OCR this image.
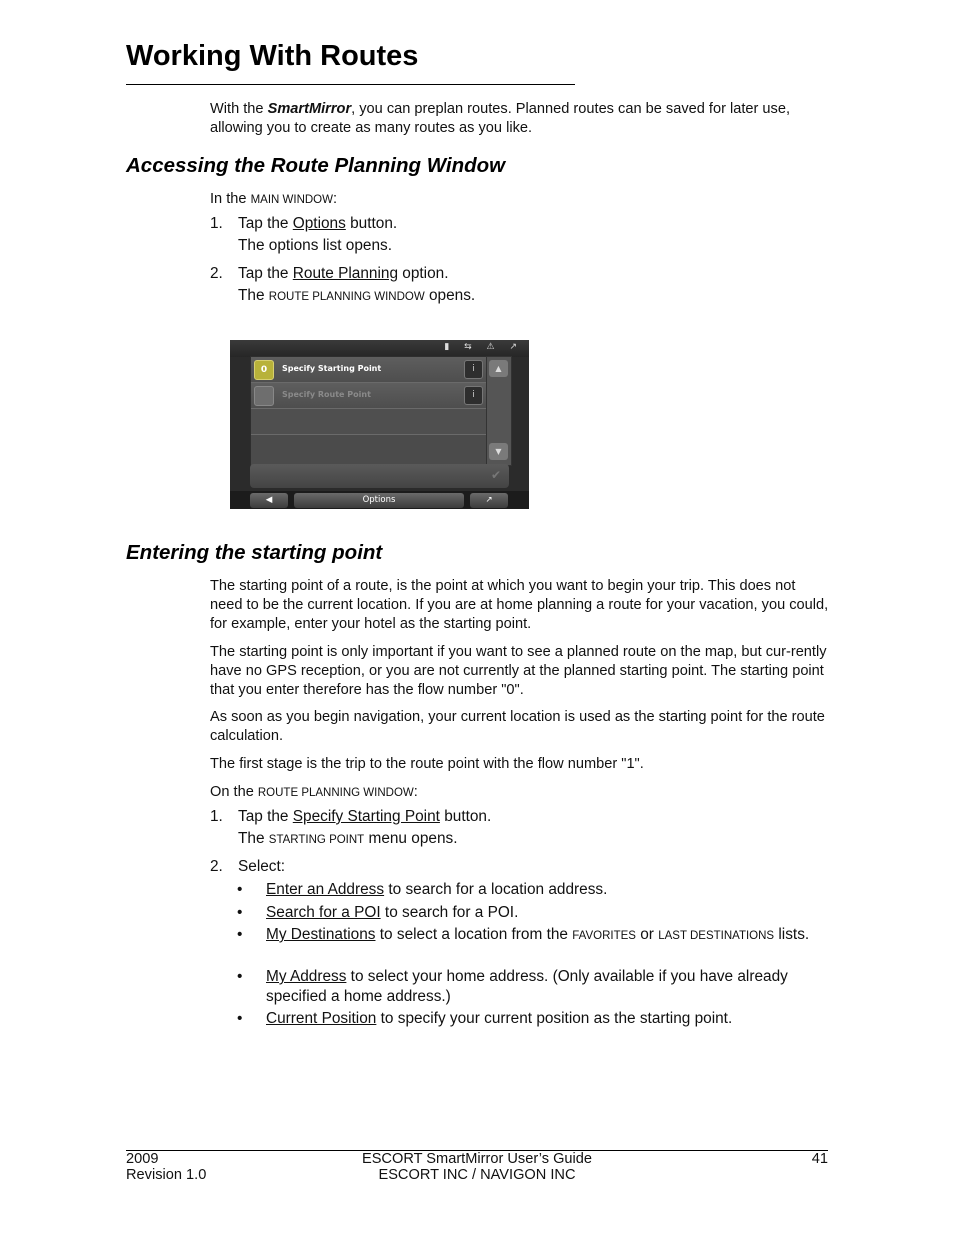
Working With Routes

With the SmartMirror, you can preplan routes. Planned routes can be saved for later use, allowing you to create as many routes as you like.

Accessing the Route Planning Window
In the MAIN WINDOW:
1. Tap the Options button.
The options list opens.
2. Tap the Route Planning option.
The ROUTE PLANNING WINDOW opens.
▮ ⇆ ⚠ ↗
0	Specify Starting Point	i
Specify Route Point	i
▲
▼
✔
◀	Options	↗
Entering the starting point

The starting point of a route, is the point at which you want to begin your trip. This does not need to be the current location. If you are at home planning a route for your vacation, you could, for example, enter your hotel as the starting point.

The starting point is only important if you want to see a planned route on the map, but cur-rently have no GPS reception, or you are not currently at the planned starting point. The starting point that you enter therefore has the flow number "0".

As soon as you begin navigation, your current location is used as the starting point for the route calculation.

The first stage is the trip to the route point with the flow number "1".

On the ROUTE PLANNING WINDOW:
1. Tap the Specify Starting Point button.
The STARTING POINT menu opens.
2. Select:
•	Enter an Address to search for a location address.
•	Search for a POI to search for a POI.
•	My Destinations to select a location from the FAVORITES or LAST DESTINATIONS lists.
•	My Address to select your home address. (Only available if you have already specified a home address.)
•	Current Position to specify your current position as the starting point.
2009
Revision 1.0
ESCORT SmartMirror User’s Guide
ESCORT INC / NAVIGON INC
41
